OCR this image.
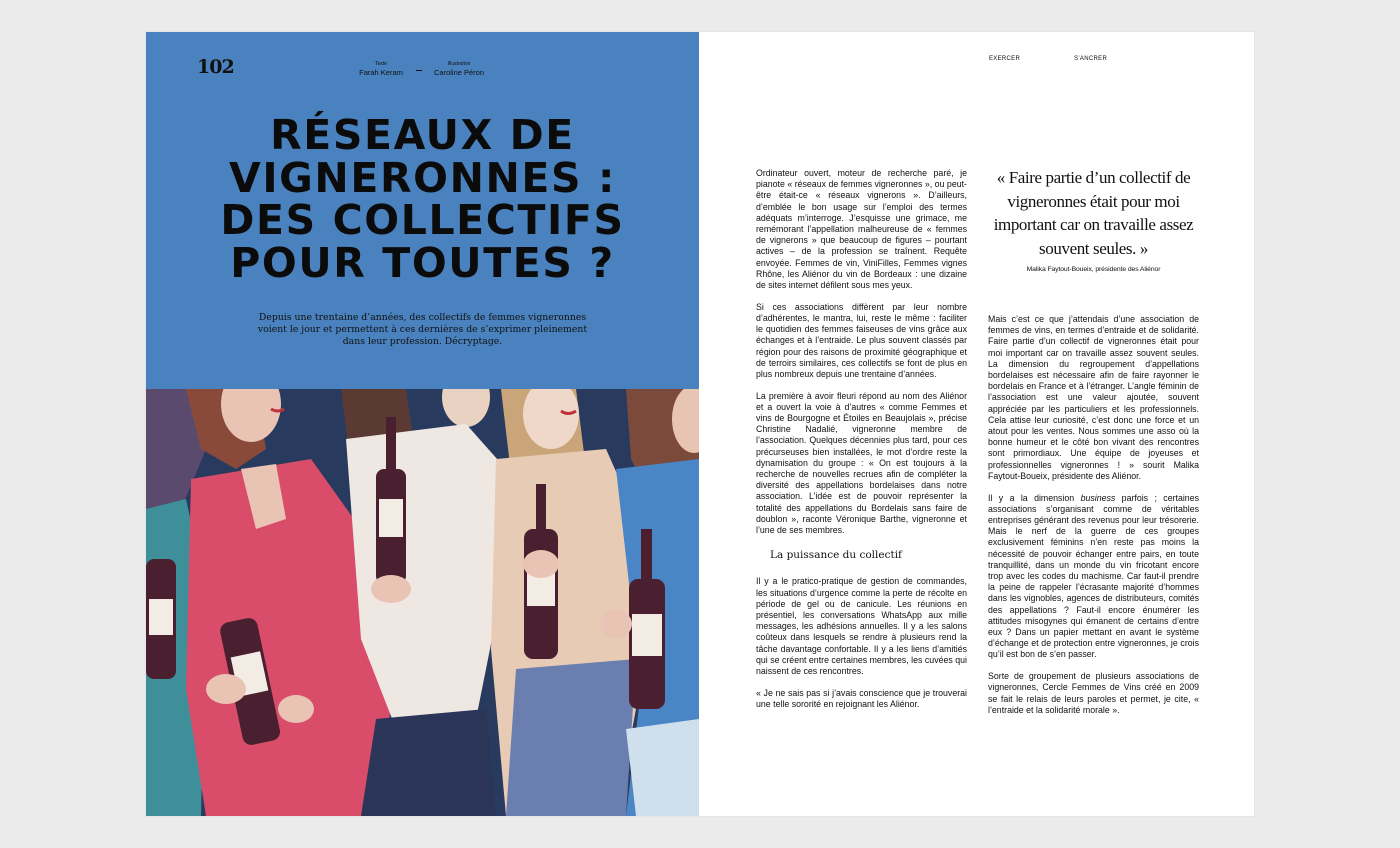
102	Texte
Farah Keram
Illustration
Caroline Péron
RÉSEAUX DE
VIGNERONNES :
DES COLLECTIFS
POUR TOUTES ?

Depuis une trentaine d’années, des collectifs de femmes vigneronnes voient le jour et permettent à ces dernières de s’exprimer pleinement dans leur profession. Décryptage.

EXERCER	S’ANCRER

Ordinateur ouvert, moteur de recherche paré, je pianote « réseaux de femmes vigneronnes », ou peut-être était-ce « réseaux vignerons ». D’ailleurs, d’emblée le bon usage sur l’emploi des termes adéquats m’interroge. J’esquisse une grimace, me remémorant l’appellation malheureuse de « femmes de vignerons » que beaucoup de figures – pourtant actives – de la profession se traînent. Requête envoyée. Femmes de vin, ViniFilles, Femmes vignes Rhône, les Aliénor du vin de Bordeaux : une dizaine de sites internet défilent sous mes yeux.

Si ces associations diffèrent par leur nombre d’adhérentes, le mantra, lui, reste le même : faciliter le quotidien des femmes faiseuses de vins grâce aux échanges et à l’entraide. Le plus souvent classés par région pour des raisons de proximité géographique et de terroirs similaires, ces collectifs se font de plus en plus nombreux depuis une trentaine d’années.

La première à avoir fleuri répond au nom des Aliénor et a ouvert la voie à d’autres « comme Femmes et vins de Bourgogne et Étoiles en Beaujolais », précise Christine Nadalié, vigneronne membre de l’association. Quelques décennies plus tard, pour ces précurseuses bien installées, le mot d’ordre reste la dynamisation du groupe : « On est toujours à la recherche de nouvelles recrues afin de compléter la diversité des appellations bordelaises dans notre association. L’idée est de pouvoir représenter la totalité des appellations du Bordelais sans faire de doublon », raconte Véronique Barthe, vigneronne et l’une de ses membres.

La puissance du collectif

Il y a le pratico-pratique de gestion de commandes, les situations d’urgence comme la perte de récolte en période de gel ou de canicule. Les réunions en présentiel, les conversations WhatsApp aux mille messages, les adhésions annuelles. Il y a les salons coûteux dans lesquels se rendre à plusieurs rend la tâche davantage confortable. Il y a les liens d’amitiés qui se créent entre certaines membres, les cuvées qui naissent de ces rencontres.

« Je ne sais pas si j’avais conscience que je trouverai une telle sororité en rejoignant les Aliénor.

« Faire partie d’un collectif de vigneronnes était pour moi important car on travaille assez souvent seules. »
Malika Faytout-Boueix, présidente des Aliénor

Mais c’est ce que j’attendais d’une association de femmes de vins, en termes d’entraide et de solidarité. Faire partie d’un collectif de vigneronnes était pour moi important car on travaille assez souvent seules. La dimension du regroupement d’appellations bordelaises est nécessaire afin de faire rayonner le bordelais en France et à l’étranger. L’angle féminin de l’association est une valeur ajoutée, souvent appréciée par les particuliers et les professionnels. Cela attise leur curiosité, c’est donc une force et un atout pour les ventes. Nous sommes une asso où la bonne humeur et le côté bon vivant des rencontres sont primordiaux. Une équipe de joyeuses et professionnelles vigneronnes ! » sourit Malika Faytout-Boueix, présidente des Aliénor.

Il y a la dimension business parfois ; certaines associations s’organisant comme de véritables entreprises générant des revenus pour leur trésorerie. Mais le nerf de la guerre de ces groupes exclusivement féminins n’en reste pas moins la nécessité de pouvoir échanger entre pairs, en toute tranquillité, dans un monde du vin fricotant encore trop avec les codes du machisme. Car faut-il prendre la peine de rappeler l’écrasante majorité d’hommes dans les vignobles, agences de distributeurs, comités des appellations ? Faut-il encore énumérer les attitudes misogynes qui émanent de certains d’entre eux ? Dans un papier mettant en avant le système d’échange et de protection entre vigneronnes, je crois qu’il est bon de s’en passer.

Sorte de groupement de plusieurs associations de vigneronnes, Cercle Femmes de Vins créé en 2009 se fait le relais de leurs paroles et permet, je cite, « l’entraide et la solidarité morale ».
